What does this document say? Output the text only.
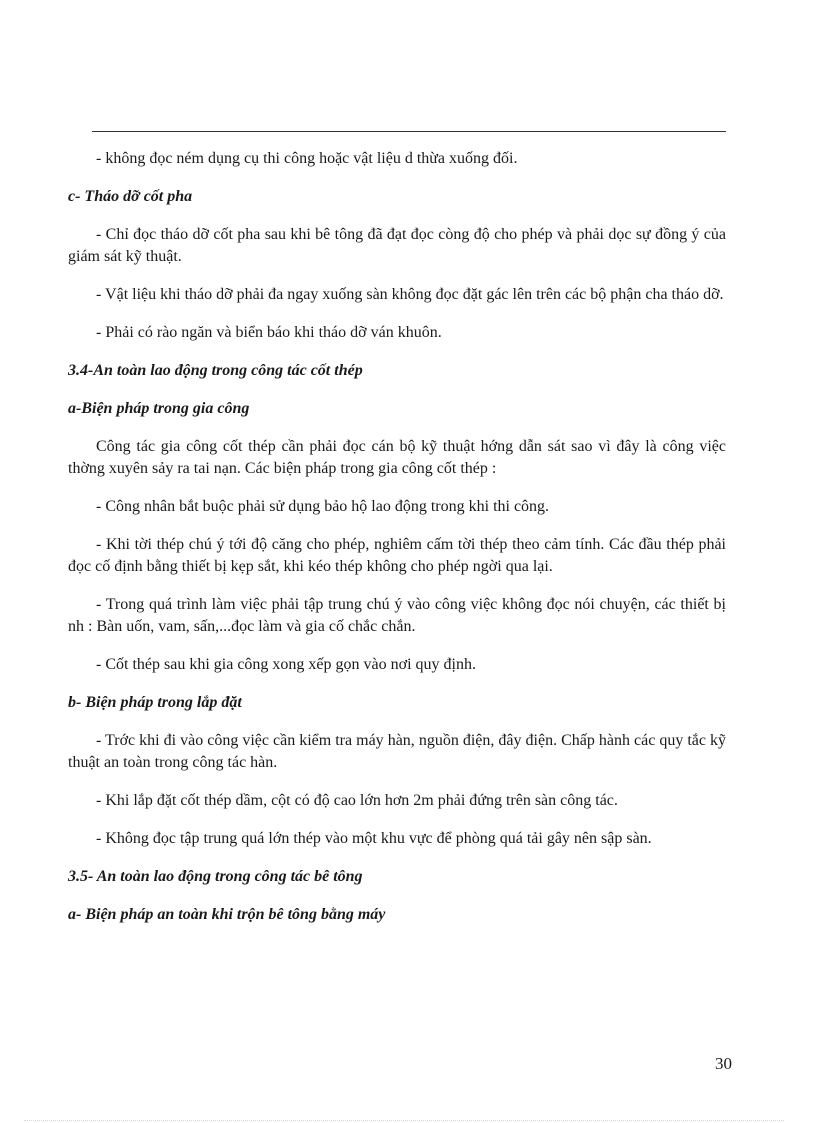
- không đọc ném dụng cụ thi công hoặc vật liệu d thừa xuống đối.

c- Tháo dỡ cốt pha

- Chỉ đọc tháo dỡ cốt pha sau khi bê tông đã đạt đọc còng độ cho phép và phải dọc sự đồng ý của giám sát kỹ thuật.

- Vật liệu khi tháo dỡ phải đa ngay xuống sàn không đọc đặt gác lên trên các bộ phận cha tháo dỡ.

- Phải có rào ngăn và biển báo khi tháo dỡ ván khuôn.

3.4-An toàn lao động trong công tác cốt thép

a-Biện pháp trong gia công

Công tác gia công cốt thép cần phải đọc cán bộ kỹ thuật hớng dẫn sát sao vì đây là công việc thờng xuyên sảy ra tai nạn. Các biện pháp trong gia công cốt thép :

- Công nhân bắt buộc phải sử dụng bảo hộ lao động trong khi thi công.

- Khi tời thép chú ý tới độ căng cho phép, nghiêm cấm tời thép theo cảm tính. Các đầu thép phải đọc cố định bằng thiết bị kẹp sắt, khi kéo thép không cho phép ngời qua lại.

- Trong quá trình làm việc phải tập trung chú ý vào công việc không đọc nói chuyện, các thiết bị nh : Bàn uốn, vam, sấn,...đọc làm và gia cố chắc chắn.

- Cốt thép sau khi gia công xong xếp gọn vào nơi quy định.

b- Biện pháp trong lắp đặt

- Trớc khi đi vào công việc cần kiểm tra máy hàn, nguồn điện, đây điện. Chấp hành các quy tắc kỹ thuật an toàn trong công tác hàn.

- Khi lắp đặt cốt thép dầm, cột có độ cao lớn hơn 2m phải đứng trên sàn công tác.

- Không đọc tập trung quá lớn thép vào một khu vực để phòng quá tải gây nên sập sàn.

3.5- An toàn lao động trong công tác bê tông

a- Biện pháp an toàn khi trộn bê tông bằng máy

30
